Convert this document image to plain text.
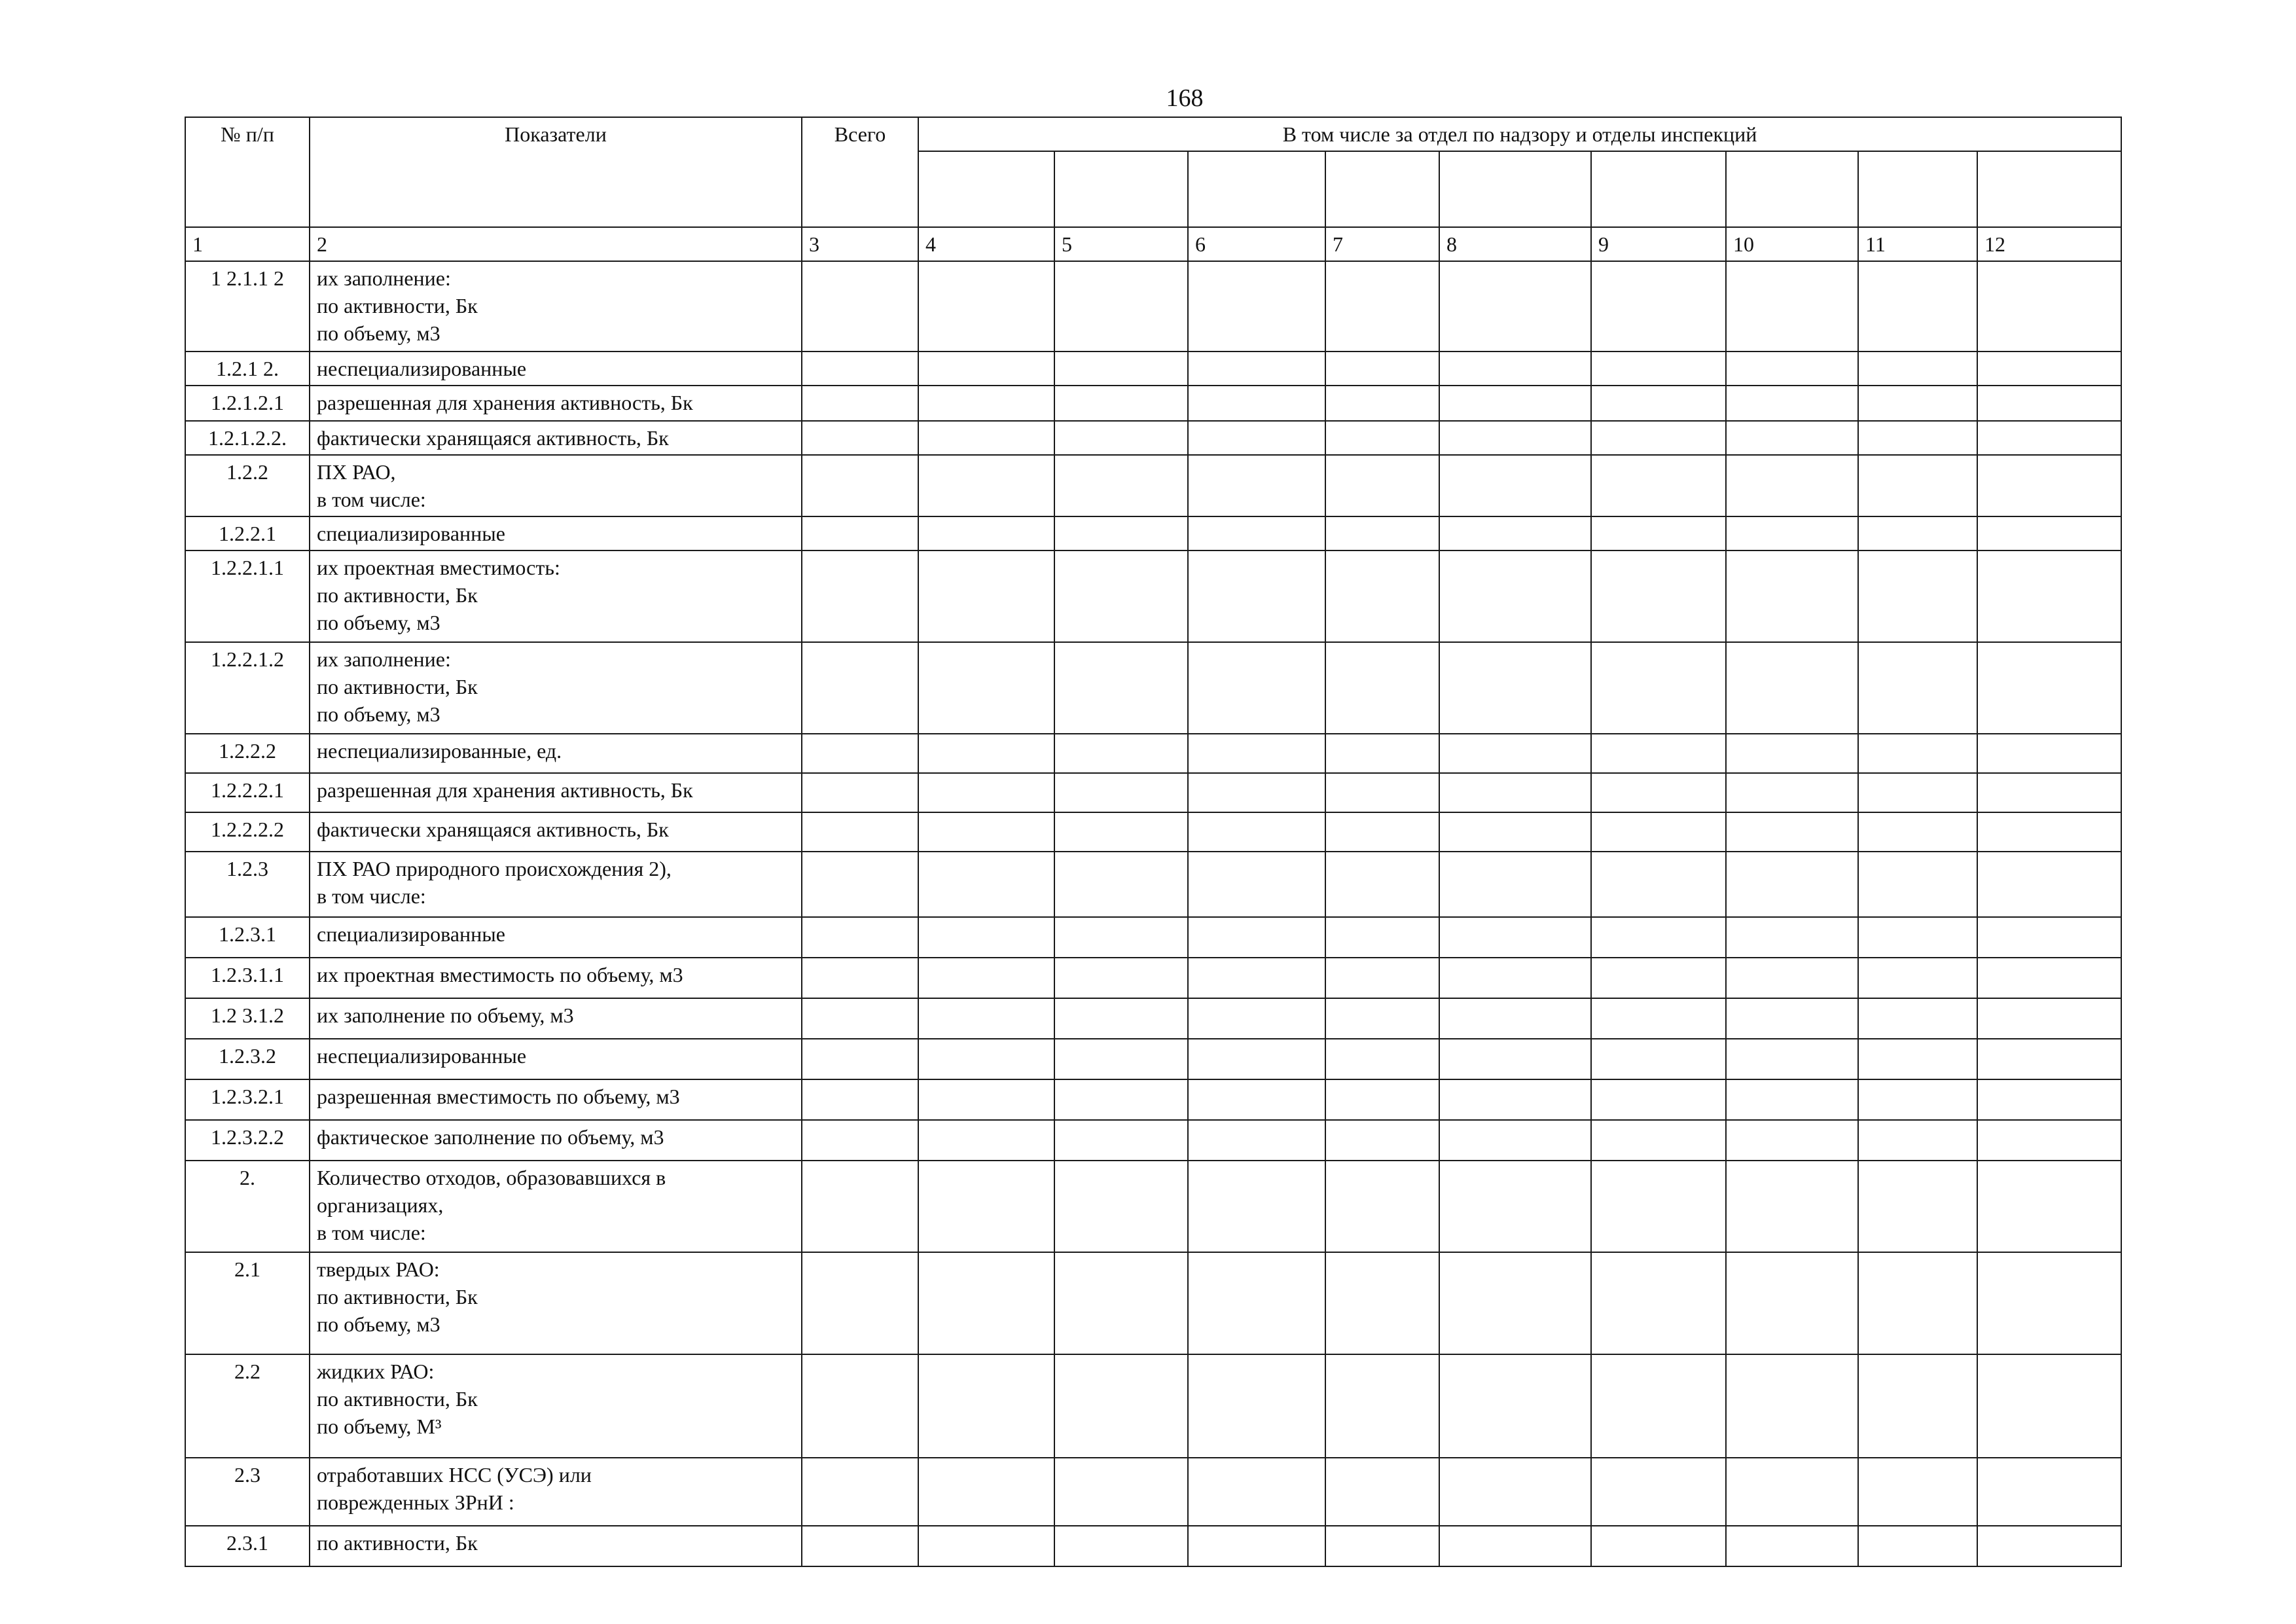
168
№ п/п	Показатели	Всего	В том числе за отдел по надзору и отделы инспекций								

1	2	3	4	5	6	7	8	9	10	11	12
1 2.1.1 2	их заполнение:
по активности, Бк
по объему, м3										

1.2.1 2.	неспециализированные										

1.2.1.2.1	разрешенная для хранения активность, Бк										

1.2.1.2.2.	фактически хранящаяся активность, Бк										

1.2.2	ПХ РАО,
в том числе:										

1.2.2.1	специализированные										

1.2.2.1.1	их проектная вместимость:
по активности, Бк
по объему, м3										

1.2.2.1.2	их заполнение:
по активности, Бк
по объему, м3										

1.2.2.2	неспециализированные, ед.										

1.2.2.2.1	разрешенная для хранения активность, Бк										

1.2.2.2.2	фактически хранящаяся активность, Бк										

1.2.3	ПХ РАО природного происхождения 2),
в том числе:										

1.2.3.1	специализированные										

1.2.3.1.1	их проектная вместимость по объему, м3										

1.2 3.1.2	их заполнение по объему, м3										

1.2.3.2	неспециализированные										

1.2.3.2.1	разрешенная вместимость по объему, м3										

1.2.3.2.2	фактическое заполнение по объему, м3										

2.	Количество отходов, образовавшихся в
организациях,
в том числе:										

2.1	твердых РАО:
по активности, Бк
по объему, м3										

2.2	жидких РАО:
по активности, Бк
по объему, М³										

2.3	отработавших НСС (УСЭ) или
поврежденных ЗРнИ :										

2.3.1	по активности, Бк										
